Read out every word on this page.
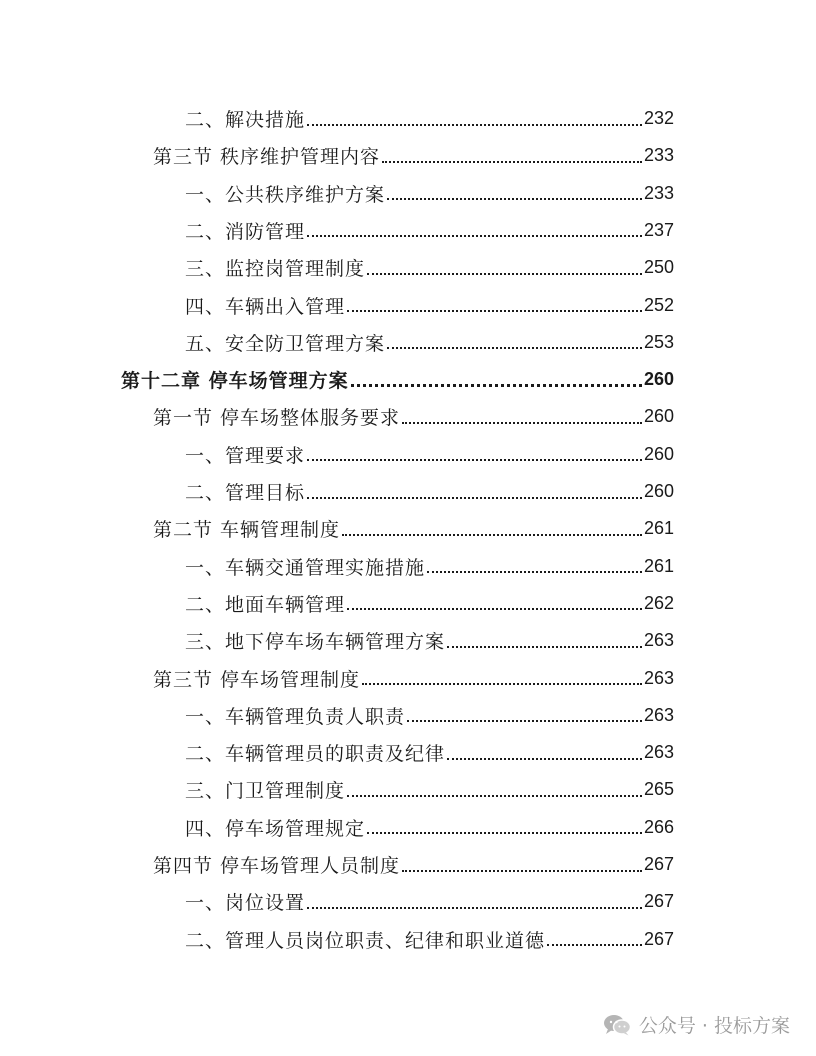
二、解决措施	232
第三节 秩序维护管理内容	233
一、公共秩序维护方案	233
二、消防管理	237
三、监控岗管理制度	250
四、车辆出入管理	252
五、安全防卫管理方案	253
第十二章 停车场管理方案	260
第一节 停车场整体服务要求	260
一、管理要求	260
二、管理目标	260
第二节 车辆管理制度	261
一、车辆交通管理实施措施	261
二、地面车辆管理	262
三、地下停车场车辆管理方案	263
第三节 停车场管理制度	263
一、车辆管理负责人职责	263
二、车辆管理员的职责及纪律	263
三、门卫管理制度	265
四、停车场管理规定	266
第四节 停车场管理人员制度	267
一、岗位设置	267
二、管理人员岗位职责、纪律和职业道德	267
公众号 · 投标方案
